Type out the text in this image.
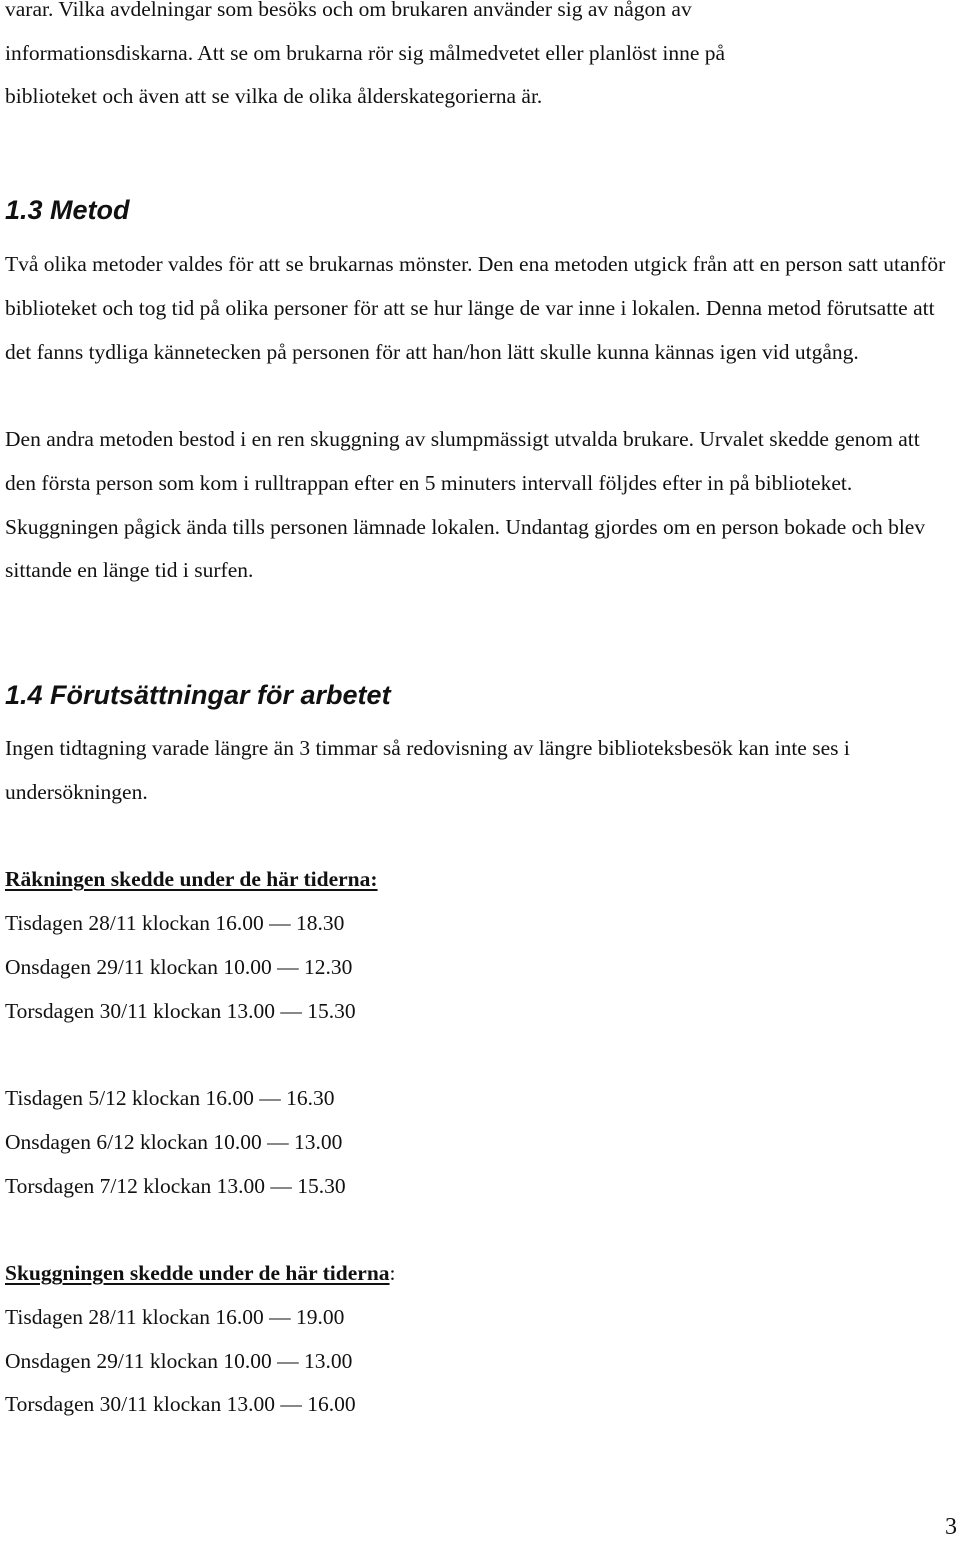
varar. Vilka avdelningar som besöks och om brukaren använder sig av någon av

informationsdiskarna. Att se om brukarna rör sig målmedvetet eller planlöst inne på

biblioteket och även att se vilka de olika ålderskategorierna är.

1.3 Metod

Två olika metoder valdes för att se brukarnas mönster. Den ena metoden utgick från att en person satt utanför biblioteket och tog tid på olika personer för att se hur länge de var inne i lokalen. Denna metod förutsatte att det fanns tydliga kännetecken på personen för att han/hon lätt skulle kunna kännas igen vid utgång.

Den andra metoden bestod i en ren skuggning av slumpmässigt utvalda brukare. Urvalet skedde genom att den första person som kom i rulltrappan efter en 5 minuters intervall följdes efter in på biblioteket. Skuggningen pågick ända tills personen lämnade lokalen. Undantag gjordes om en person bokade och blev sittande en länge tid i surfen.

1.4 Förutsättningar för arbetet

Ingen tidtagning varade längre än 3 timmar så redovisning av längre biblioteksbesök kan inte ses i undersökningen.

Räkningen skedde under de här tiderna:
Tisdagen 28/11 klockan 16.00 — 18.30
Onsdagen 29/11 klockan 10.00 — 12.30
Torsdagen 30/11 klockan 13.00 — 15.30
Tisdagen 5/12 klockan 16.00 — 16.30
Onsdagen 6/12 klockan 10.00 — 13.00
Torsdagen 7/12 klockan 13.00 — 15.30
Skuggningen skedde under de här tiderna:
Tisdagen 28/11 klockan 16.00 — 19.00
Onsdagen 29/11 klockan 10.00 — 13.00
Torsdagen 30/11 klockan 13.00 — 16.00
3
